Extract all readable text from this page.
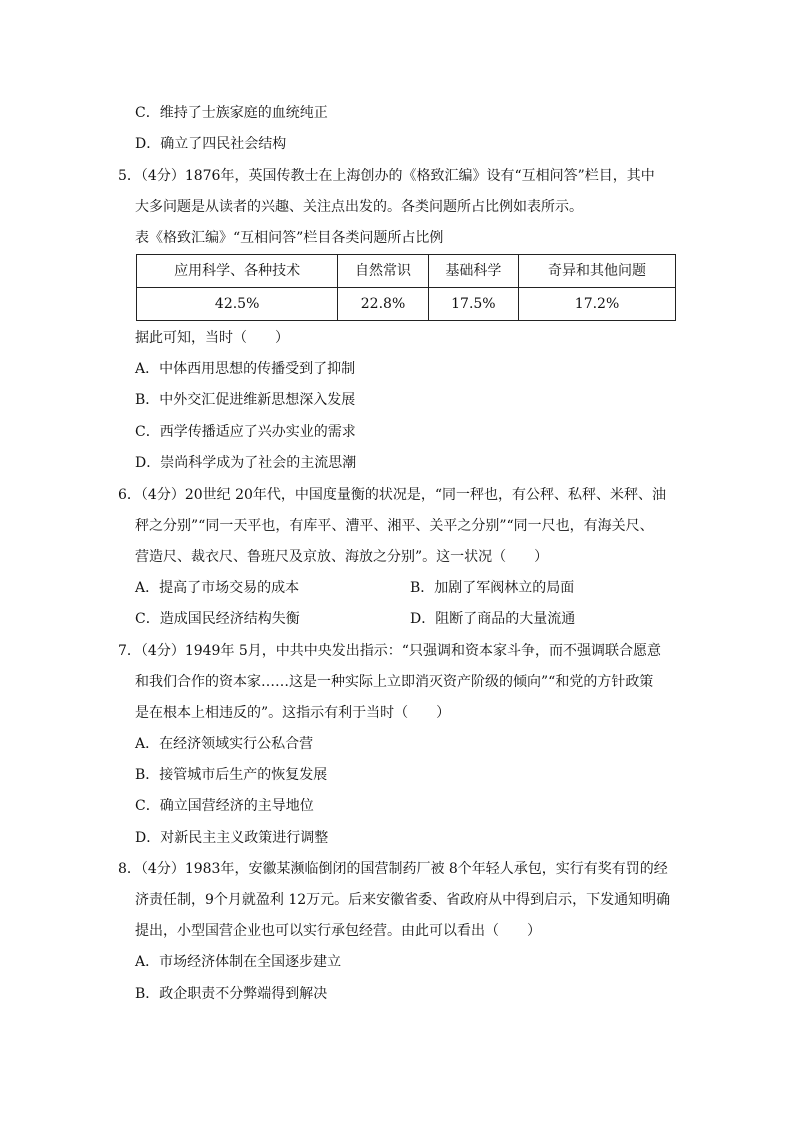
C．维持了士族家庭的血统纯正
D．确立了四民社会结构
5．（4分）1876年，英国传教士在上海创办的《格致汇编》设有“互相问答”栏目，其中
大多问题是从读者的兴趣、关注点出发的。各类问题所占比例如表所示。
表《格致汇编》“互相问答”栏目各类问题所占比例
应用科学、各种技术	自然常识	基础科学	奇异和其他问题
42.5%	22.8%	17.5%	17.2%
据此可知，当时（　　）
A．中体西用思想的传播受到了抑制
B．中外交汇促进维新思想深入发展
C．西学传播适应了兴办实业的需求
D．崇尚科学成为了社会的主流思潮
6．（4分）20世纪 20年代，中国度量衡的状况是，“同一秤也，有公秤、私秤、米秤、油
秤之分别”“同一天平也，有库平、漕平、湘平、关平之分别”“同一尺也，有海关尺、
营造尺、裁衣尺、鲁班尺及京放、海放之分别”。这一状况（　　）
A．提高了市场交易的成本	B．加剧了军阀林立的局面
C．造成国民经济结构失衡	D．阻断了商品的大量流通
7．（4分）1949年 5月，中共中央发出指示：“只强调和资本家斗争，而不强调联合愿意
和我们合作的资本家……这是一种实际上立即消灭资产阶级的倾向”“和党的方针政策
是在根本上相违反的”。这指示有利于当时（　　）
A．在经济领域实行公私合营
B．接管城市后生产的恢复发展
C．确立国营经济的主导地位
D．对新民主主义政策进行调整
8．（4分）1983年，安徽某濒临倒闭的国营制药厂被 8个年轻人承包，实行有奖有罚的经
济责任制，9个月就盈利 12万元。后来安徽省委、省政府从中得到启示，下发通知明确
提出，小型国营企业也可以实行承包经营。由此可以看出（　　）
A．市场经济体制在全国逐步建立
B．政企职责不分弊端得到解决
